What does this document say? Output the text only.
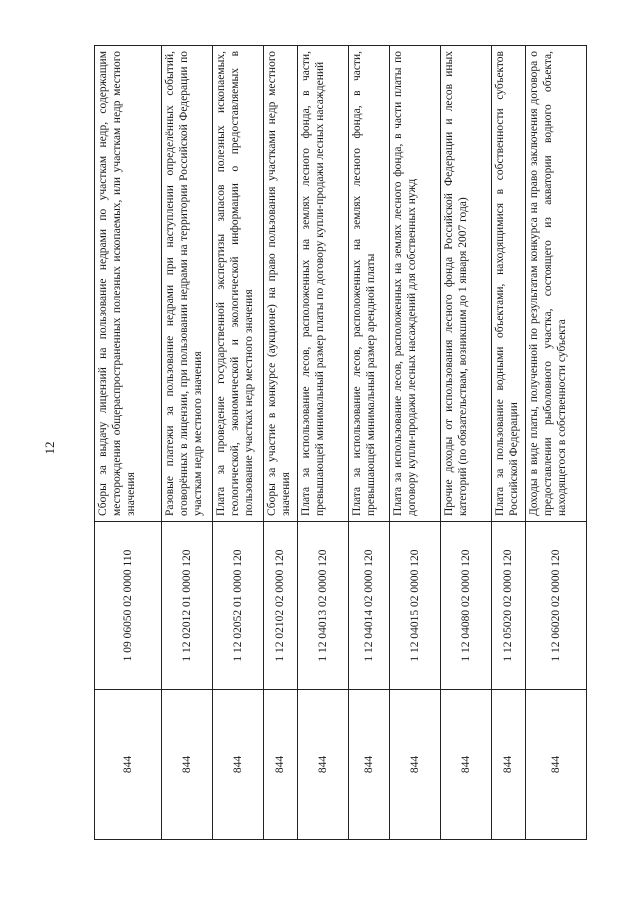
12
844	1 09 06050 02 0000 110	Сборы за выдачу лицензий на пользование недрами по участкам недр, содержащим месторождения общераспространенных полезных ископаемых, или участкам недр местного значения
844	1 12 02012 01 0000 120	Разовые платежи за пользование недрами при наступлении определённых событий, оговорённых в лицензии, при пользовании недрами на территории Российской Федерации по участкам недр местного значения
844	1 12 02052 01 0000 120	Плата за проведение государственной экспертизы запасов полезных ископаемых, геологической, экономической и экологической информации о предоставляемых в пользование участках недр местного значения
844	1 12 02102 02 0000 120	Сборы за участие в конкурсе (аукционе) на право пользования участками недр местного значения
844	1 12 04013 02 0000 120	Плата за использование лесов, расположенных на землях лесного фонда, в части, превышающей минимальный размер платы по договору купли-продажи лесных насаждений
844	1 12 04014 02 0000 120	Плата за использование лесов, расположенных на землях лесного фонда, в части, превышающей минимальный размер арендной платы
844	1 12 04015 02 0000 120	Плата за использование лесов, расположенных на землях лесного фонда, в части платы по договору купли-продажи лесных насаждений для собственных нужд
844	1 12 04080 02 0000 120	Прочие доходы от использования лесного фонда Российской Федерации и лесов иных категорий (по обязательствам, возникшим до 1 января 2007 года)
844	1 12 05020 02 0000 120	Плата за пользование водными объектами, находящимися в собственности субъектов Российской Федерации
844	1 12 06020 02 0000 120	Доходы в виде платы, полученной по результатам конкурса на право заключения договора о предоставлении рыболовного участка, состоящего из акватории водного объекта, находящегося в собственности субъекта
